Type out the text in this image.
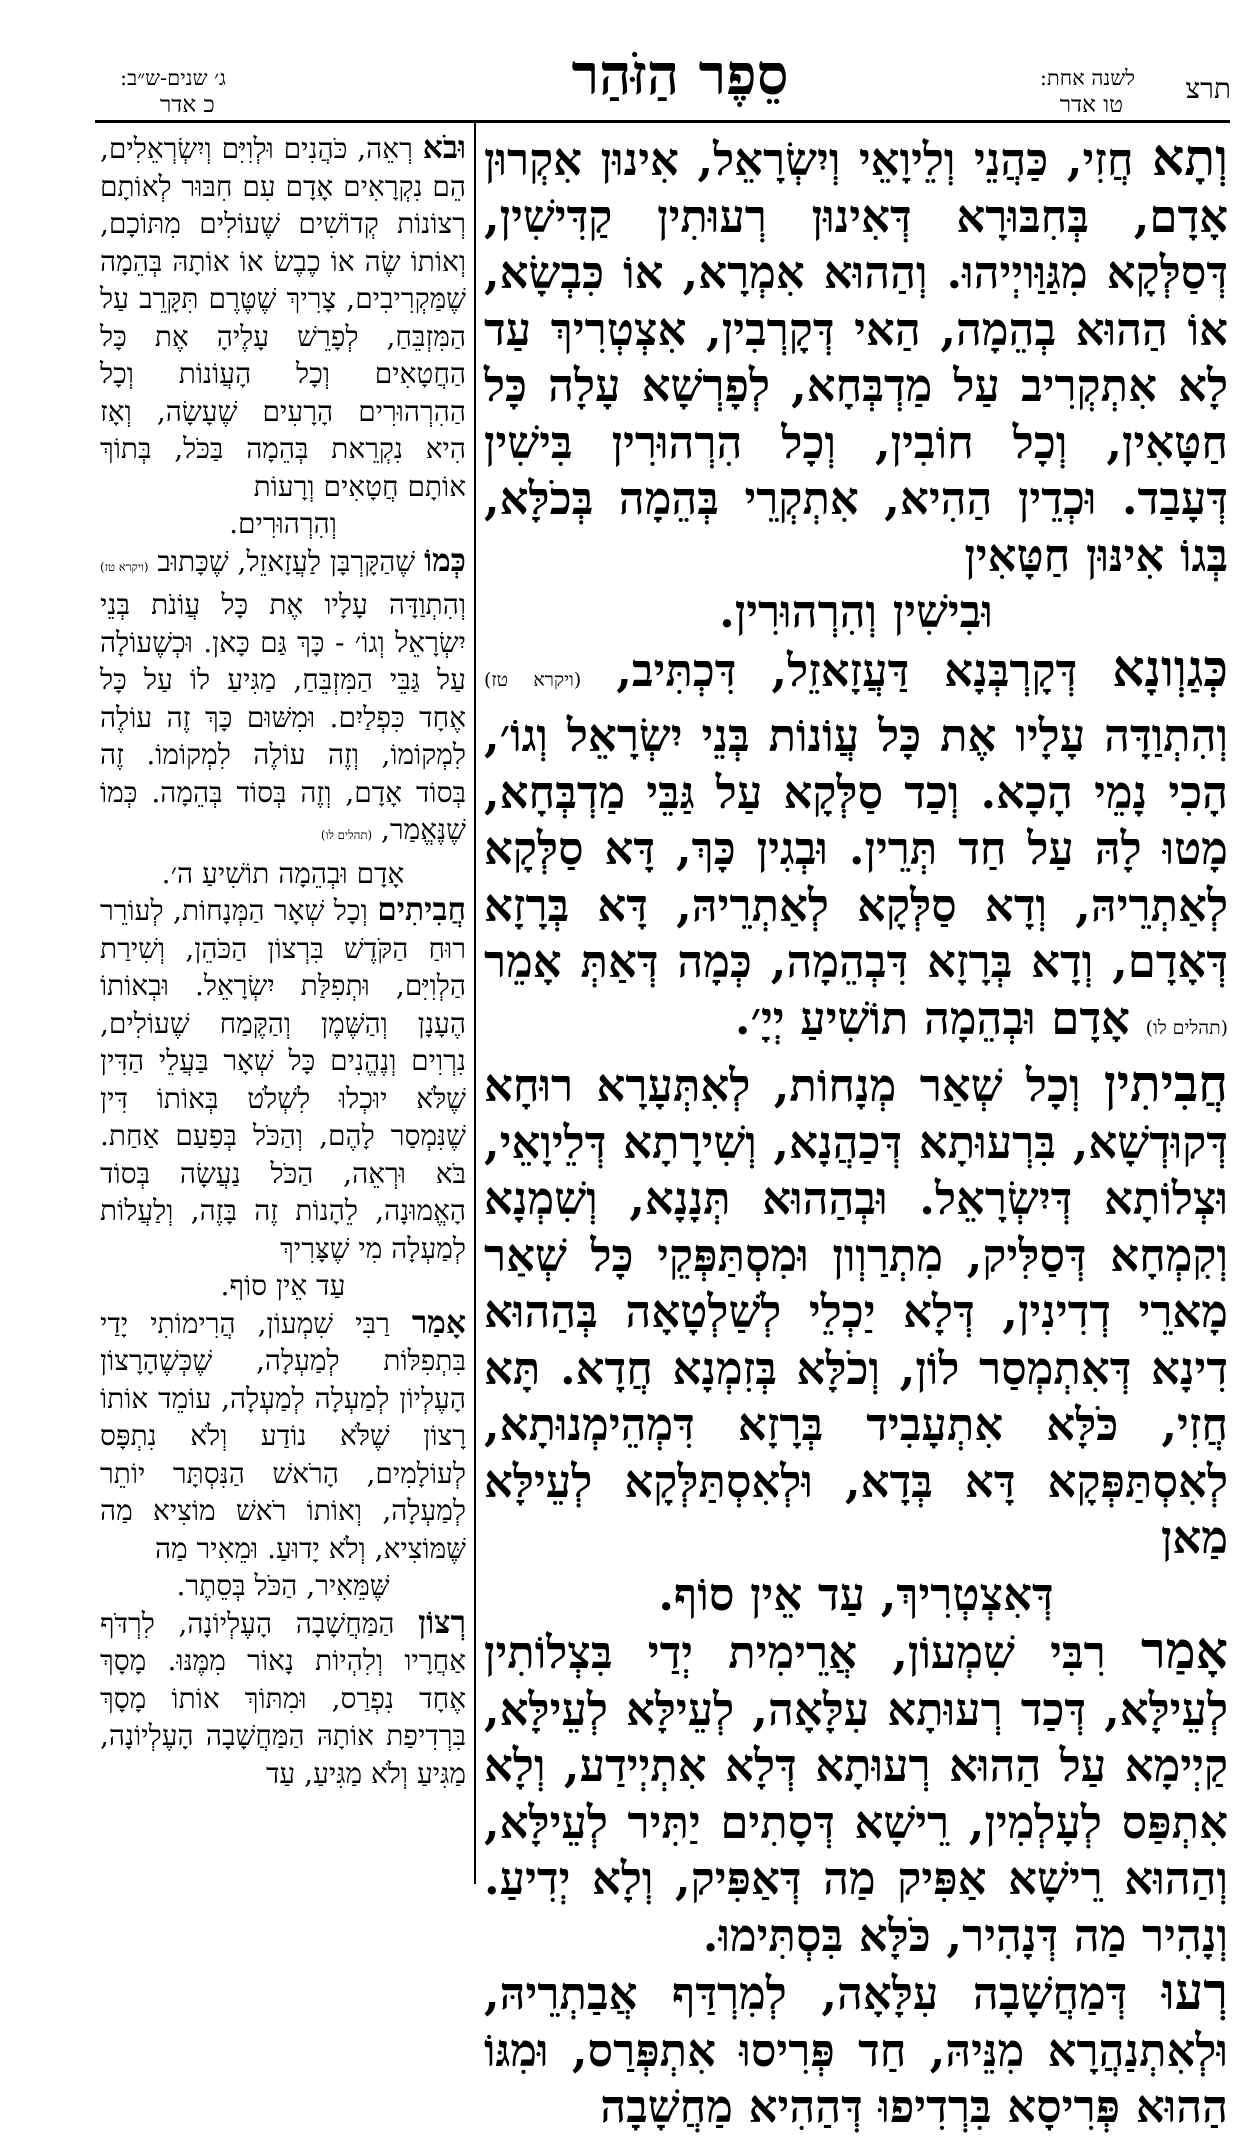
תרצ
לשנה אחת:
טו אדר
סֵפֶר הַזֹּהַר
ג׳ שנים-ש״ב:
כ אדר

וְתָא חֲזִי, כַּהֲנֵי וְלֵיוָאֵי וְיִשְׂרָאֵל, אִינוּן אִקְרוּן אָדָם, בְּחִבּוּרָא דְּאִינוּן רְעוּתִין קַדִּישִׁין, דְּסַלְּקָא מִגַּוַּויְיהוּ. וְהַהוּא אִמְרָא, אוֹ כִּבְשָׂא, אוֹ הַהוּא בְהֵמָה, הַאי דְּקָרְבִין, אִצְטְרִיךְ עַד לָא אִתְקְרִיב עַל מַדְבְּחָא, לְפָרְשָׁא עָלָה כָּל חַטָּאִין, וְכָל חוֹבִין, וְכָל הִרְהוּרִין בִּישִׁין דְּעָבַד. וּכְדֵין הַהִיא, אִתְקְרֵי בְּהֵמָה בְּכֹלָּא, בְּגוֹ אִינּוּן חַטָּאִין
וּבִישִׁין וְהִרְהוּרִין.

כְּגַוְונָא דְּקָרְבְּנָא דַּעֲזָאזֵל, דִּכְתִּיב, (ויקרא טז) וְהִתְוַדָּה עָלָיו אֶת כָּל עֲוֹנוֹת בְּנֵי יִשְׂרָאֵל וְגוֹ׳, הָכִי נָמֵי הָכָא. וְכַד סַלְּקָא עַל גַּבֵּי מַדְבְּחָא, מָטוּ לָהּ עַל חַד תְּרֵין. וּבְגִין כָּךְ, דָּא סַלְּקָא לְאַתְרֵיהּ, וְדָא סַלְּקָא לְאַתְרֵיהּ, דָּא בְּרָזָא דְּאָדָם, וְדָא בְּרָזָא דִּבְהֵמָה, כְּמָה דְּאַתְּ אָמֵר (תהלים לו) אָדָם וּבְהֵמָה תוֹשִׁיעַ יְיָ׳.

חֲבִיתִין וְכָל שְׁאַר מְנָחוֹת, לְאִתְּעָרָא רוּחָא דְּקוּדְשָׁא, בִּרְעוּתָא דְּכַהֲנָא, וְשִׁירָתָא דְּלֵיוָאֵי, וּצְלוֹתָא דְּיִשְׂרָאֵל. וּבְהַהוּא תְּנָנָא, וְשִׁמְנָא וְקִמְחָא דְּסַלִּיק, מִתְרַוְון וּמִסְתַּפְּקֵי כָּל שְׁאַר מָארֵי דְדִינִין, דְּלָא יַכְלֵי לְשַׁלְטָאָה בְּהַהוּא דִינָא דְּאִתְמְסַר לוֹן, וְכֹלָּא בְּזִמְנָא חֲדָא. תָּא חֲזִי, כֹּלָּא אִתְעָבִיד בְּרָזָא דִּמְהֵימְנוּתָא, לְאִסְתַּפְּקָא דָּא בְּדָא, וּלְאִסְתַּלְּקָא לְעֵילָּא מַאן
דְּאִצְטְרִיךְ, עַד אֵין סוֹף.

אָמַר רִבִּי שִׁמְעוֹן, אֲרֵימִית יְדַי בִּצְלוֹתִין לְעֵילָּא, דְּכַד רְעוּתָא עִלָּאָה, לְעֵילָּא לְעֵילָּא, קַיְימָא עַל הַהוּא רְעוּתָא דְּלָא אִתְיְידַע, וְלָא אִתְפַּס לְעָלְמִין, רֵישָׁא דְּסָתִים יַתִּיר לְעֵילָּא, וְהַהוּא רֵישָׁא אַפִּיק מַה דְּאַפִּיק, וְלָא יְדִיעַ. וְנָהִיר מַה דְּנָהִיר, כֹּלָּא בִּסְתִּימוּ.

רְעוּ דְּמַחֲשָׁבָה עִלָּאָה, לְמִרְדַּף אֲבַתְרֵיהּ, וּלְאִתְנַהֲרָא מִנֵּיהּ, חַד פְּרִיסוּ אִתְפְּרַס, וּמִגּוֹ הַהוּא פְּרִיסָא בִּרְדִיפוּ דְּהַהִיא מַחֲשָׁבָה

וּבֹא רְאֵה, כֹּהֲנִים וּלְוִיִּם וְיִשְׂרְאֵלִים, הֵם נִקְרָאִים אָדָם עִם חִבּוּר לְאוֹתָם רְצוֹנוֹת קְדוֹשִׁים שֶׁעוֹלִים מִתּוֹכָם, וְאוֹתוֹ שֶׂה אוֹ כֶבֶשׂ אוֹ אוֹתָהּ בְּהֵמָה שֶׁמַּקְרִיבִים, צָרִיךְ שֶׁטֶּרֶם תִּקָּרֵב עַל הַמִּזְבֵּחַ, לְפָרֵשׁ עָלֶיהָ אֶת כָּל הַחֲטָאִים וְכָל הָעֲוֹנוֹת וְכָל הַהִרְהוּרִים הָרָעִים שֶׁעָשָׂה, וְאָז הִיא נִקְרֵאת בְּהֵמָה בַּכֹּל, בְּתוֹךְ אוֹתָם חֲטָאִים וְרָעוֹת
וְהִרְהוּרִים.

כְּמוֹ שֶׁהַקָּרְבָּן לַעֲזָאזֵל, שֶׁכָּתוּב (ויקרא טז) וְהִתְוַדָּה עָלָיו אֶת כָּל עֲוֹנֹת בְּנֵי יִשְׂרָאֵל וְגוֹ׳ - כָּךְ גַּם כָּאן. וּכְשֶׁעוֹלָה עַל גַּבֵּי הַמִּזְבֵּחַ, מַגִּיעַ לוֹ עַל כָּל אֶחָד כִּפְלַיִם. וּמִשּׁוּם כָּךְ זֶה עוֹלֶה לִמְקוֹמוֹ, וְזֶה עוֹלֶה לִמְקוֹמוֹ. זֶה בְּסוֹד אָדָם, וְזֶה בְּסוֹד בְּהֵמָה. כְּמוֹ שֶׁנֶּאֱמַר, (תהלים לו)
אָדָם וּבְהֵמָה תוֹשִׁיעַ ה׳.

חֲבִיתִים וְכָל שְׁאָר הַמְּנָחוֹת, לְעוֹרֵר רוּחַ הַקֹּדֶשׁ בִּרְצוֹן הַכֹּהֵן, וְשִׁירַת הַלְוִיִּם, וּתְפִלַּת יִשְׂרָאֵל. וּבְאוֹתוֹ הֶעָנָן וְהַשֶּׁמֶן וְהַקֶּמַח שֶׁעוֹלִים, נִרְוִים וְנֶהֱנִים כָּל שְׁאָר בַּעֲלֵי הַדִּין שֶׁלֹּא יוּכְלוּ לִשְׁלֹט בְּאוֹתוֹ דִּין שֶׁנִּמְסַר לָהֶם, וְהַכֹּל בְּפַעַם אַחַת. בֹּא וּרְאֵה, הַכֹּל נַעֲשָׂה בְּסוֹד הָאֱמוּנָה, לֵהָנוֹת זֶה בָּזֶה, וְלַעֲלוֹת לְמַעְלָה מִי שֶׁצָּרִיךְ
עַד אֵין סוֹף.

אָמַר רַבִּי שִׁמְעוֹן, הֲרִימוֹתִי יָדַי בִּתְפִלּוֹת לְמַעְלָה, שֶׁכְּשֶׁהָרָצוֹן הָעֶלְיוֹן לְמַעְלָה לְמַעְלָה, עוֹמֵד אוֹתוֹ רָצוֹן שֶׁלֹּא נוֹדַע וְלֹא נִתְפָּס לְעוֹלָמִים, הָרֹאשׁ הַנִּסְתָּר יוֹתֵר לְמַעְלָה, וְאוֹתוֹ רֹאשׁ מוֹצִיא מַה שֶּׁמּוֹצִיא, וְלֹא יָדוּעַ. וּמֵאִיר מַה
שֶּׁמֵּאִיר, הַכֹּל בְּסֵתֶר.

רְצוֹן הַמַּחֲשָׁבָה הָעֶלְיוֹנָה, לִרְדֹּף אַחֲרָיו וְלִהְיוֹת נָאוֹר מִמֶּנּוּ. מָסָךְ אֶחָד נִפְרַס, וּמִתּוֹךְ אוֹתוֹ מָסָךְ בִּרְדִיפַת אוֹתָהּ הַמַּחֲשָׁבָה הָעֶלְיוֹנָה, מַגִּיעַ וְלֹא מַגִּיעַ, עַד
